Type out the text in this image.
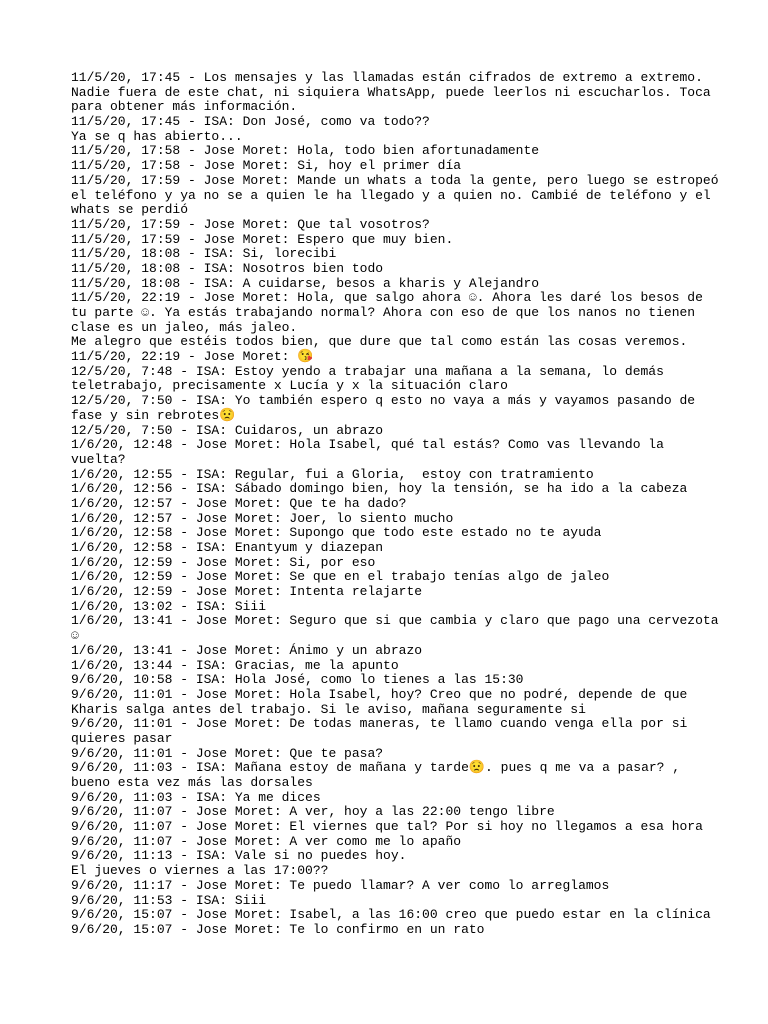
11/5/20, 17:45 - Los mensajes y las llamadas están cifrados de extremo a extremo.
Nadie fuera de este chat, ni siquiera WhatsApp, puede leerlos ni escucharlos. Toca
para obtener más información.
11/5/20, 17:45 - ISA: Don José, como va todo??
Ya se q has abierto...
11/5/20, 17:58 - Jose Moret: Hola, todo bien afortunadamente
11/5/20, 17:58 - Jose Moret: Si, hoy el primer día
11/5/20, 17:59 - Jose Moret: Mande un whats a toda la gente, pero luego se estropeó
el teléfono y ya no se a quien le ha llegado y a quien no. Cambié de teléfono y el
whats se perdió
11/5/20, 17:59 - Jose Moret: Que tal vosotros?
11/5/20, 17:59 - Jose Moret: Espero que muy bien.
11/5/20, 18:08 - ISA: Si, lorecibi
11/5/20, 18:08 - ISA: Nosotros bien todo
11/5/20, 18:08 - ISA: A cuidarse, besos a kharis y Alejandro
11/5/20, 22:19 - Jose Moret: Hola, que salgo ahora ☺. Ahora les daré los besos de
tu parte ☺. Ya estás trabajando normal? Ahora con eso de que los nanos no tienen
clase es un jaleo, más jaleo.
Me alegro que estéis todos bien, que dure que tal como están las cosas veremos.
11/5/20, 22:19 - Jose Moret: 😘
12/5/20, 7:48 - ISA: Estoy yendo a trabajar una mañana a la semana, lo demás
teletrabajo, precisamente x Lucía y x la situación claro
12/5/20, 7:50 - ISA: Yo también espero q esto no vaya a más y vayamos pasando de
fase y sin rebrotes😟
12/5/20, 7:50 - ISA: Cuidaros, un abrazo
1/6/20, 12:48 - Jose Moret: Hola Isabel, qué tal estás? Como vas llevando la
vuelta?
1/6/20, 12:55 - ISA: Regular, fui a Gloria,  estoy con tratramiento
1/6/20, 12:56 - ISA: Sábado domingo bien, hoy la tensión, se ha ido a la cabeza
1/6/20, 12:57 - Jose Moret: Que te ha dado?
1/6/20, 12:57 - Jose Moret: Joer, lo siento mucho
1/6/20, 12:58 - Jose Moret: Supongo que todo este estado no te ayuda
1/6/20, 12:58 - ISA: Enantyum y diazepan
1/6/20, 12:59 - Jose Moret: Si, por eso
1/6/20, 12:59 - Jose Moret: Se que en el trabajo tenías algo de jaleo
1/6/20, 12:59 - Jose Moret: Intenta relajarte
1/6/20, 13:02 - ISA: Siii
1/6/20, 13:41 - Jose Moret: Seguro que si que cambia y claro que pago una cervezota
☺
1/6/20, 13:41 - Jose Moret: Ánimo y un abrazo
1/6/20, 13:44 - ISA: Gracias, me la apunto
9/6/20, 10:58 - ISA: Hola José, como lo tienes a las 15:30
9/6/20, 11:01 - Jose Moret: Hola Isabel, hoy? Creo que no podré, depende de que
Kharis salga antes del trabajo. Si le aviso, mañana seguramente si
9/6/20, 11:01 - Jose Moret: De todas maneras, te llamo cuando venga ella por si
quieres pasar
9/6/20, 11:01 - Jose Moret: Que te pasa?
9/6/20, 11:03 - ISA: Mañana estoy de mañana y tarde😟. pues q me va a pasar? ,
bueno esta vez más las dorsales
9/6/20, 11:03 - ISA: Ya me dices
9/6/20, 11:07 - Jose Moret: A ver, hoy a las 22:00 tengo libre
9/6/20, 11:07 - Jose Moret: El viernes que tal? Por si hoy no llegamos a esa hora
9/6/20, 11:07 - Jose Moret: A ver como me lo apaño
9/6/20, 11:13 - ISA: Vale si no puedes hoy.
El jueves o viernes a las 17:00??
9/6/20, 11:17 - Jose Moret: Te puedo llamar? A ver como lo arreglamos
9/6/20, 11:53 - ISA: Siii
9/6/20, 15:07 - Jose Moret: Isabel, a las 16:00 creo que puedo estar en la clínica
9/6/20, 15:07 - Jose Moret: Te lo confirmo en un rato
